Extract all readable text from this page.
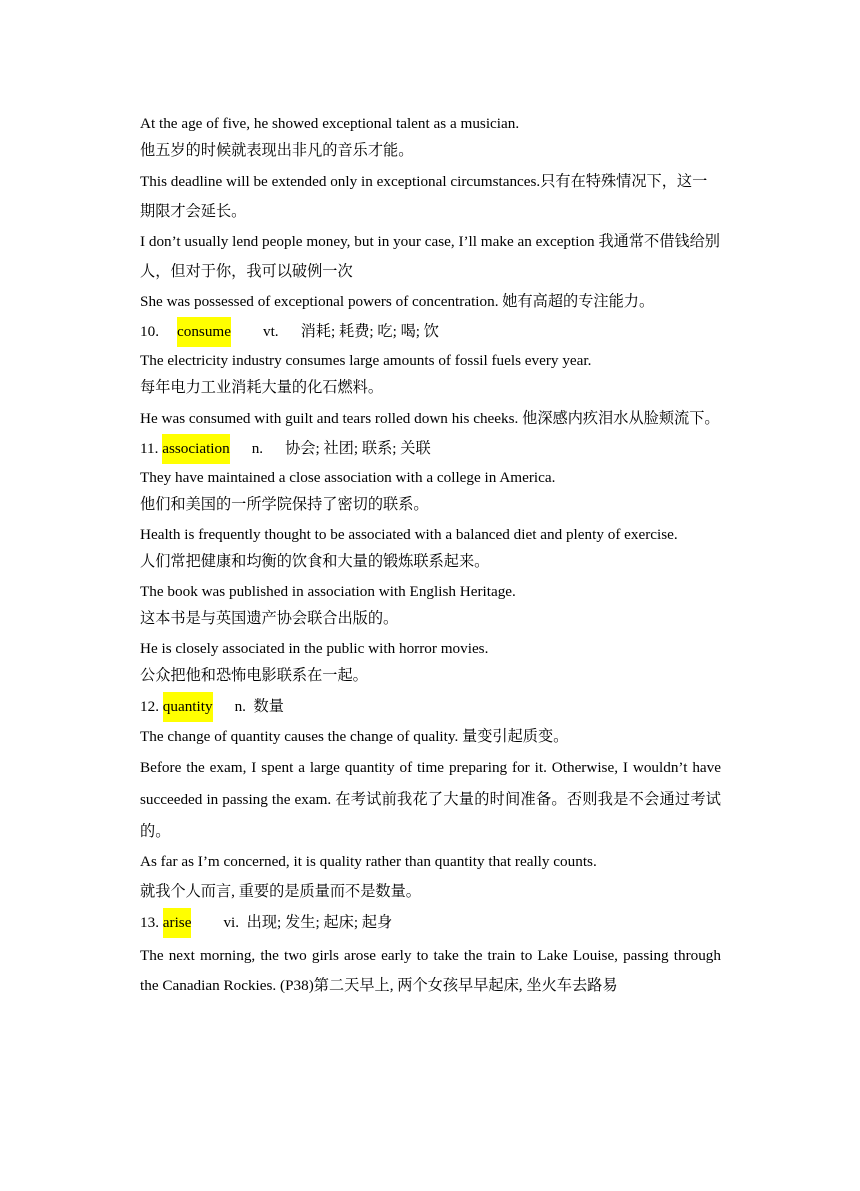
At the age of five, he showed exceptional talent as a musician.

他五岁的时候就表现出非凡的音乐才能。

This deadline will be extended only in exceptional circumstances.只有在特殊情况下，这一期限才会延长。

I don’t usually lend people money, but in your case, I’ll make an exception 我通常不借钱给别人，但对于你，我可以破例一次

She was possessed of exceptional powers of concentration. 她有高超的专注能力。

10. consume vt. 消耗; 耗费; 吃; 喝; 饮

The electricity industry consumes large amounts of fossil fuels every year.

每年电力工业消耗大量的化石燃料。

He was consumed with guilt and tears rolled down his cheeks. 他深感内疚泪水从脸颊流下。

11. association n. 协会; 社团; 联系; 关联

They have maintained a close association with a college in America.

他们和美国的一所学院保持了密切的联系。

Health is frequently thought to be associated with a balanced diet and plenty of exercise.

人们常把健康和均衡的饮食和大量的锻炼联系起来。

The book was published in association with English Heritage.

这本书是与英国遗产协会联合出版的。

He is closely associated in the public with horror movies.

公众把他和恐怖电影联系在一起。

12. quantity n. 数量

The change of quantity causes the change of quality. 量变引起质变。

Before the exam, I spent a large quantity of time preparing for it. Otherwise, I wouldn’t have succeeded in passing the exam. 在考试前我花了大量的时间准备。否则我是不会通过考试的。

As far as I’m concerned, it is quality rather than quantity that really counts.

就我个人而言, 重要的是质量而不是数量。

13. arise vi. 出现; 发生; 起床; 起身

The next morning, the two girls arose early to take the train to Lake Louise, passing through the Canadian Rockies. (P38)第二天早上, 两个女孩早早起床, 坐火车去路易
